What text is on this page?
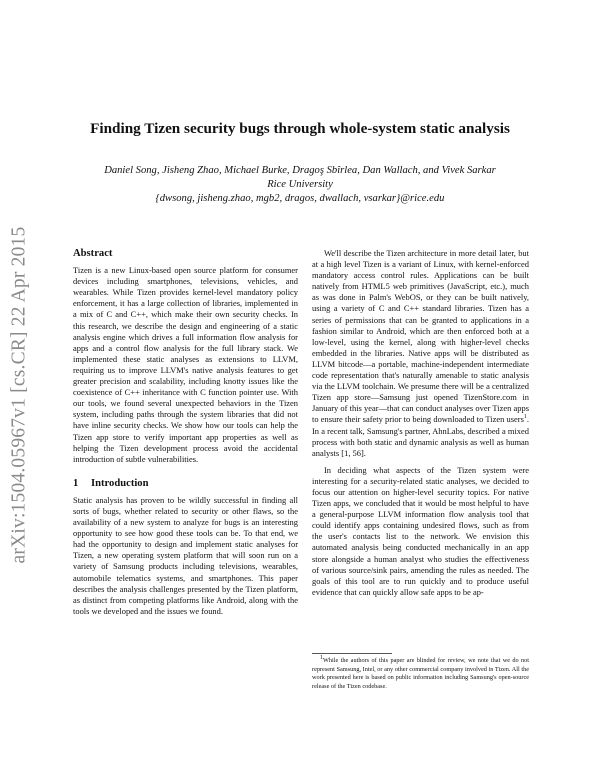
arXiv:1504.05967v1 [cs.CR] 22 Apr 2015
Finding Tizen security bugs through whole-system static analysis
Daniel Song, Jisheng Zhao, Michael Burke, Dragoş Sbîrlea, Dan Wallach, and Vivek Sarkar
Rice University
{dwsong, jisheng.zhao, mgb2, dragos, dwallach, vsarkar}@rice.edu
Abstract

Tizen is a new Linux-based open source platform for consumer devices including smartphones, televisions, vehicles, and wearables. While Tizen provides kernel-level mandatory policy enforcement, it has a large collection of libraries, implemented in a mix of C and C++, which make their own security checks. In this research, we describe the design and engineering of a static analysis engine which drives a full information flow analysis for apps and a control flow analysis for the full library stack. We implemented these static analyses as extensions to LLVM, requiring us to improve LLVM's native analysis features to get greater precision and scalability, including knotty issues like the coexistence of C++ inheritance with C function pointer use. With our tools, we found several unexpected behaviors in the Tizen system, including paths through the system libraries that did not have inline security checks. We show how our tools can help the Tizen app store to verify important app properties as well as helping the Tizen development process avoid the accidental introduction of subtle vulnerabilities.

1 Introduction

Static analysis has proven to be wildly successful in finding all sorts of bugs, whether related to security or other flaws, so the availability of a new system to analyze for bugs is an interesting opportunity to see how good these tools can be. To that end, we had the opportunity to design and implement static analyses for Tizen, a new operating system platform that will soon run on a variety of Samsung products including televisions, wearables, automobile telematics systems, and smartphones. This paper describes the analysis challenges presented by the Tizen platform, as distinct from competing platforms like Android, along with the tools we developed and the issues we found.

We'll describe the Tizen architecture in more detail later, but at a high level Tizen is a variant of Linux, with kernel-enforced mandatory access control rules. Applications can be built natively from HTML5 web primitives (JavaScript, etc.), much as was done in Palm's WebOS, or they can be built natively, using a variety of C and C++ standard libraries. Tizen has a series of permissions that can be granted to applications in a fashion similar to Android, which are then enforced both at a low-level, using the kernel, along with higher-level checks embedded in the libraries. Native apps will be distributed as LLVM bitcode—a portable, machine-independent intermediate code representation that's naturally amenable to static analysis via the LLVM toolchain. We presume there will be a centralized Tizen app store—Samsung just opened TizenStore.com in January of this year—that can conduct analyses over Tizen apps to ensure their safety prior to being downloaded to Tizen users$^1$. In a recent talk, Samsung's partner, AhnLabs, described a mixed process with both static and dynamic analysis as well as human analysts [1, 56].

In deciding what aspects of the Tizen system were interesting for a security-related static analyses, we decided to focus our attention on higher-level security topics. For native Tizen apps, we concluded that it would be most helpful to have a general-purpose LLVM information flow analysis tool that could identify apps containing undesired flows, such as from the user's contacts list to the network. We envision this automated analysis being conducted mechanically in an app store alongside a human analyst who studies the effectiveness of various source/sink pairs, amending the rules as needed. The goals of this tool are to run quickly and to produce useful evidence that can quickly allow safe apps to be ap-

$^1$While the authors of this paper are blinded for review, we note that we do not represent Samsung, Intel, or any other commercial company involved in Tizen. All the work presented here is based on public information including Samsung's open-source release of the Tizen codebase.
